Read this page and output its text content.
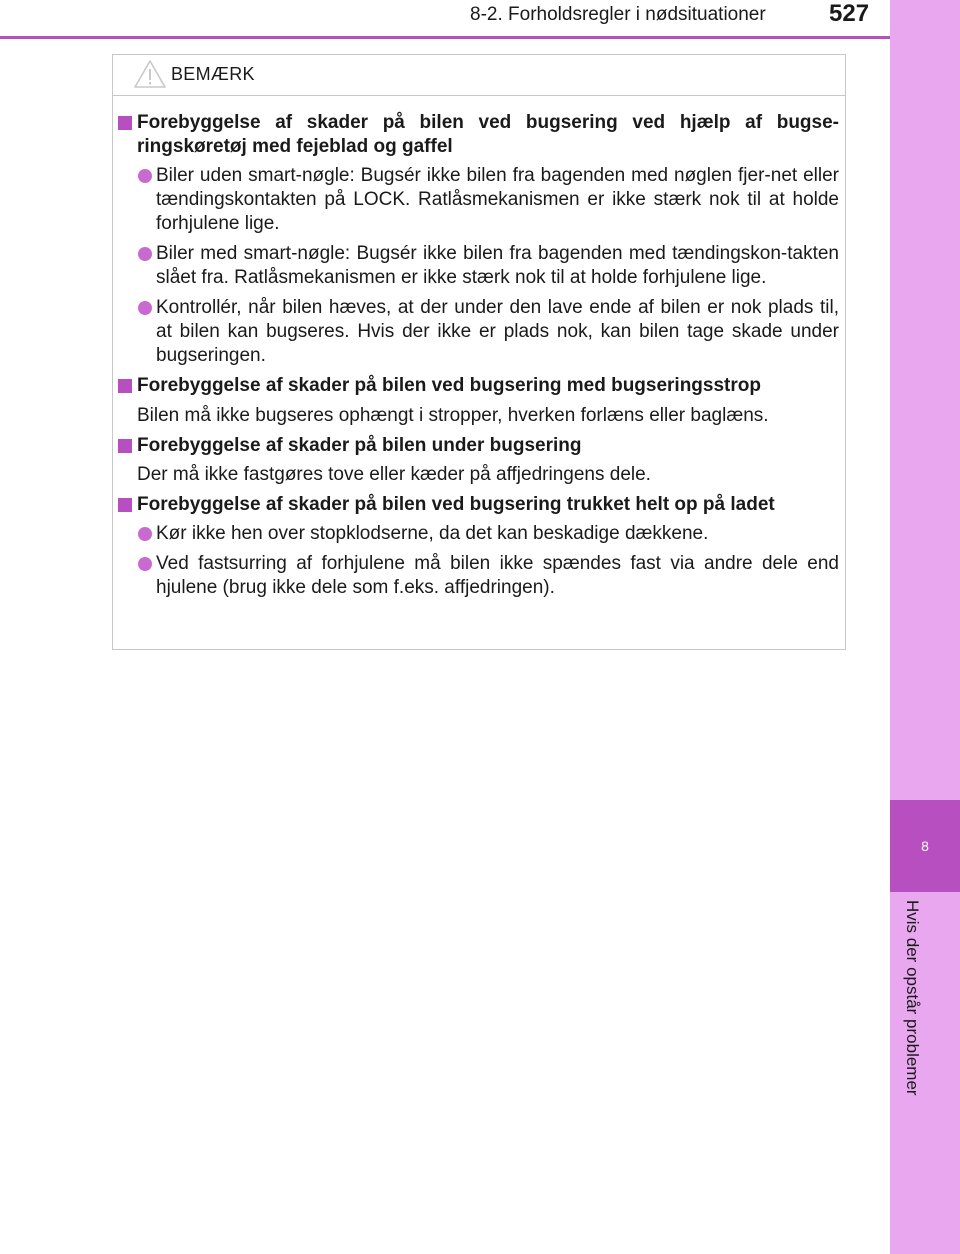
8-2. Forholdsregler i nødsituationer	527
8
Hvis der opstår problemer
BEMÆRK
Forebyggelse af skader på bilen ved bugsering ved hjælp af bugse-ringskøretøj med fejeblad og gaffel
Biler uden smart-nøgle: Bugsér ikke bilen fra bagenden med nøglen fjer-net eller tændingskontakten på LOCK. Ratlåsmekanismen er ikke stærk nok til at holde forhjulene lige.
Biler med smart-nøgle: Bugsér ikke bilen fra bagenden med tændingskon-takten slået fra. Ratlåsmekanismen er ikke stærk nok til at holde forhjulene lige.
Kontrollér, når bilen hæves, at der under den lave ende af bilen er nok plads til, at bilen kan bugseres. Hvis der ikke er plads nok, kan bilen tage skade under bugseringen.
Forebyggelse af skader på bilen ved bugsering med bugseringsstrop
Bilen må ikke bugseres ophængt i stropper, hverken forlæns eller baglæns.
Forebyggelse af skader på bilen under bugsering
Der må ikke fastgøres tove eller kæder på affjedringens dele.
Forebyggelse af skader på bilen ved bugsering trukket helt op på ladet
Kør ikke hen over stopklodserne, da det kan beskadige dækkene.
Ved fastsurring af forhjulene må bilen ikke spændes fast via andre dele end hjulene (brug ikke dele som f.eks. affjedringen).
